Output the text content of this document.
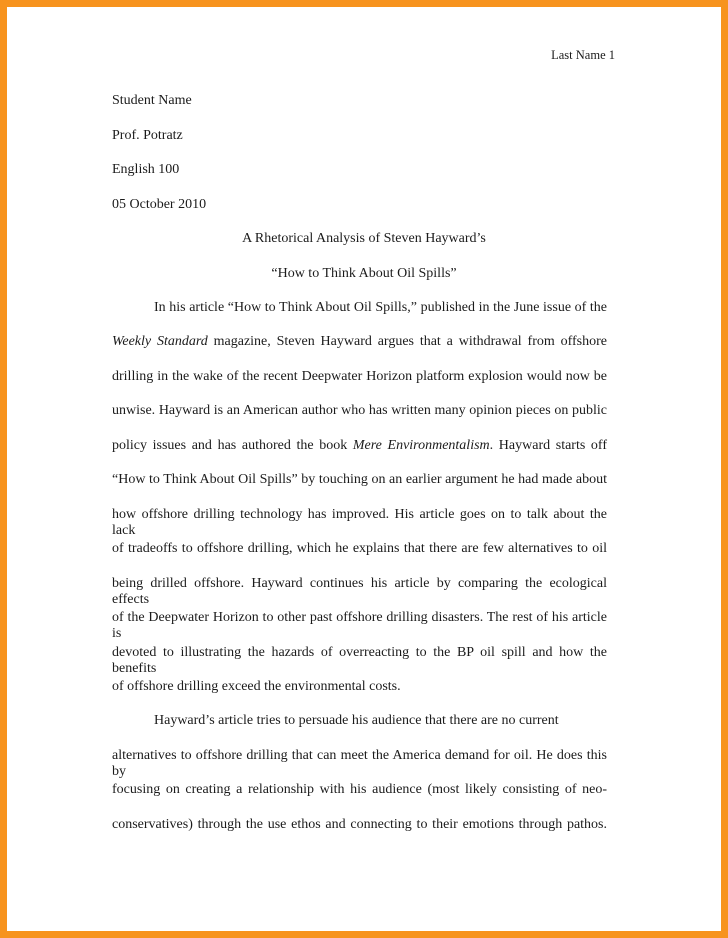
Last Name 1
Student Name
Prof. Potratz
English 100
05 October 2010
A Rhetorical Analysis of Steven Hayward’s
“How to Think About Oil Spills”
In his article “How to Think About Oil Spills,” published in the June issue of the
Weekly Standard magazine, Steven Hayward argues that a withdrawal from offshore
drilling in the wake of the recent Deepwater Horizon platform explosion would now be
unwise. Hayward is an American author who has written many opinion pieces on public
policy issues and has authored the book Mere Environmentalism. Hayward starts off
“How to Think About Oil Spills” by touching on an earlier argument he had made about
how offshore drilling technology has improved. His article goes on to talk about the lack
of tradeoffs to offshore drilling, which he explains that there are few alternatives to oil
being drilled offshore. Hayward continues his article by comparing the ecological effects
of the Deepwater Horizon to other past offshore drilling disasters. The rest of his article is
devoted to illustrating the hazards of overreacting to the BP oil spill and how the benefits
of offshore drilling exceed the environmental costs.
Hayward’s article tries to persuade his audience that there are no current
alternatives to offshore drilling that can meet the America demand for oil. He does this by
focusing on creating a relationship with his audience (most likely consisting of neo-
conservatives) through the use ethos and connecting to their emotions through pathos.
